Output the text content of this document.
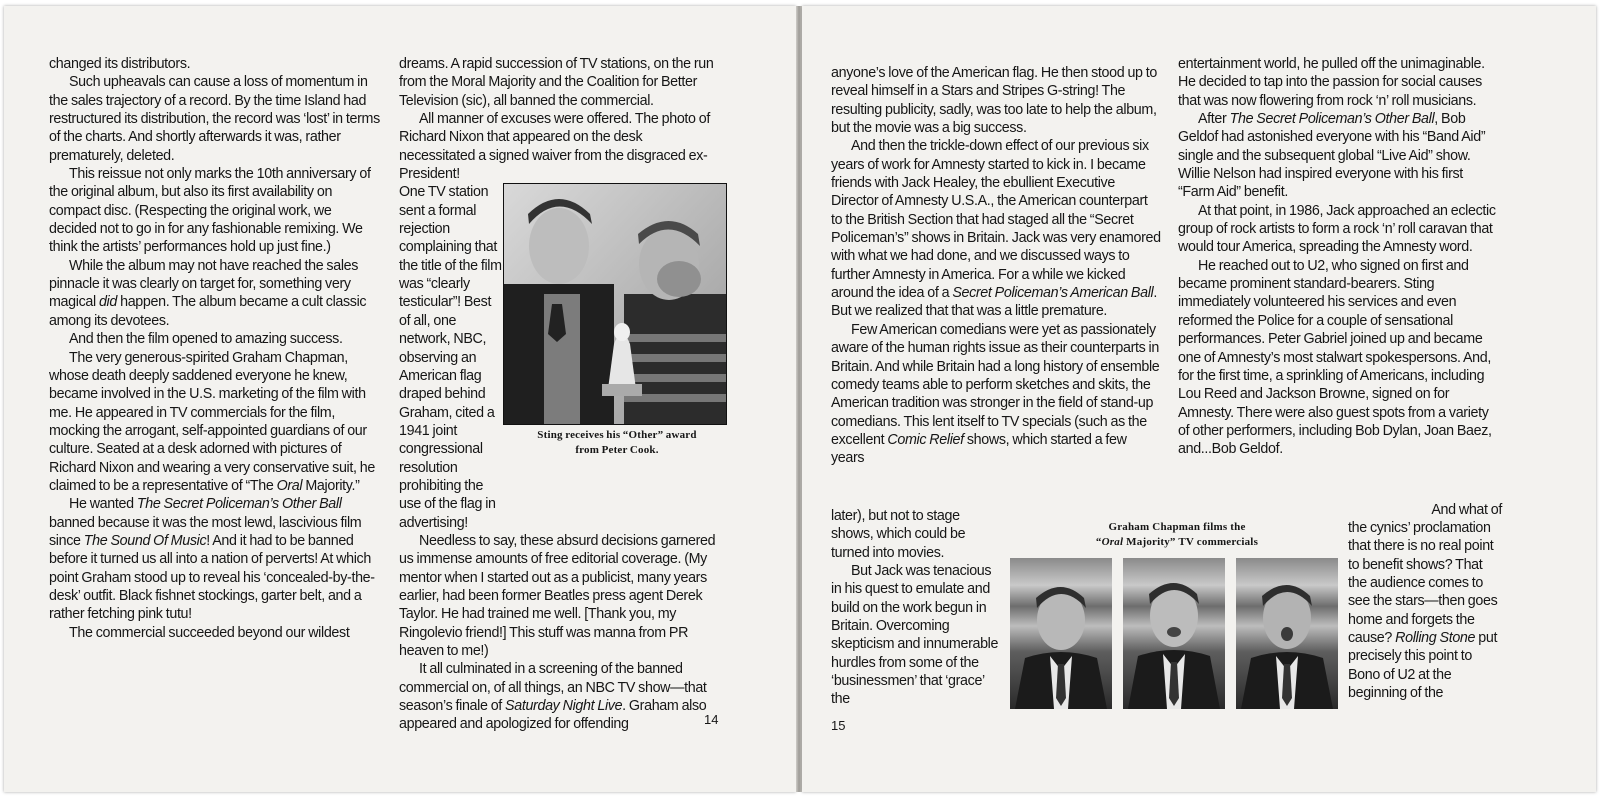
changed its distributors.

Such upheavals can cause a loss of momentum in the sales trajectory of a record. By the time Island had restructured its distribution, the record was ‘lost’ in terms of the charts. And shortly afterwards it was, rather prematurely, deleted.

This reissue not only marks the 10th anniversary of the original album, but also its first availability on compact disc. (Respecting the original work, we decided not to go in for any fashionable remixing. We think the artists’ performances hold up just fine.)

While the album may not have reached the sales pinnacle it was clearly on target for, something very magical did happen. The album became a cult classic among its devotees.

And then the film opened to amazing success.

The very generous-spirited Graham Chapman, whose death deeply saddened everyone he knew, became involved in the U.S. marketing of the film with me. He appeared in TV commercials for the film, mocking the arrogant, self-appointed guardians of our culture. Seated at a desk adorned with pictures of Richard Nixon and wearing a very conservative suit, he claimed to be a representative of “The Oral Majority.”

He wanted The Secret Policeman’s Other Ball banned because it was the most lewd, lascivious film since The Sound Of Music! And it had to be banned before it turned us all into a nation of perverts! At which point Graham stood up to reveal his ‘concealed-by-the-desk’ outfit. Black fishnet stockings, garter belt, and a rather fetching pink tutu!

The commercial succeeded beyond our wildest

dreams. A rapid succession of TV stations, on the run from the Moral Majority and the Coalition for Better Television (sic), all banned the commercial.

All manner of excuses were offered. The photo of Richard Nixon that appeared on the desk necessitated a signed waiver from the disgraced ex-President!

Sting receives his “Other” award
from Peter Cook.

One TV station sent a formal rejection complaining that the title of the film was “clearly testicular”! Best of all, one network, NBC, observing an American flag draped behind Graham, cited a 1941 joint congressional resolution prohibiting the use of the flag in advertising!

Needless to say, these absurd decisions garnered us immense amounts of free editorial coverage. (My mentor when I started out as a publicist, many years earlier, had been former Beatles press agent Derek Taylor. He had trained me well. [Thank you, my Ringolevio friend!] This stuff was manna from PR heaven to me!)

It all culminated in a screening of the banned commercial on, of all things, an NBC TV show—that season’s finale of Saturday Night Live. Graham also appeared and apologized for offending	14

anyone’s love of the American flag. He then stood up to reveal himself in a Stars and Stripes G-string! The resulting publicity, sadly, was too late to help the album, but the movie was a big success.

And then the trickle-down effect of our previous six years of work for Amnesty started to kick in. I became friends with Jack Healey, the ebullient Executive Director of Amnesty U.S.A., the American counterpart to the British Section that had staged all the “Secret Policeman’s” shows in Britain. Jack was very enamored with what we had done, and we discussed ways to further Amnesty in America. For a while we kicked around the idea of a Secret Policeman’s American Ball. But we realized that that was a little premature.

Few American comedians were yet as passionately aware of the human rights issue as their counterparts in Britain. And while Britain had a long history of ensemble comedy teams able to perform sketches and skits, the American tradition was stronger in the field of stand-up comedians. This lent itself to TV specials (such as the excellent Comic Relief shows, which started a few years

later), but not to stage shows, which could be turned into movies.

But Jack was tenacious in his quest to emulate and build on the work begun in Britain. Overcoming skepticism and innumerable hurdles from some of the ‘businessmen’ that ‘grace’ the

entertainment world, he pulled off the unimaginable. He decided to tap into the passion for social causes that was now flowering from rock ‘n’ roll musicians.

After The Secret Policeman’s Other Ball, Bob Geldof had astonished everyone with his “Band Aid” single and the subsequent global “Live Aid” show. Willie Nelson had inspired everyone with his first “Farm Aid” benefit.

At that point, in 1986, Jack approached an eclectic group of rock artists to form a rock ‘n’ roll caravan that would tour America, spreading the Amnesty word.

He reached out to U2, who signed on first and became prominent standard-bearers. Sting immediately volunteered his services and even reformed the Police for a couple of sensational performances. Peter Gabriel joined up and became one of Amnesty’s most stalwart spokespersons. And, for the first time, a sprinkling of Americans, including Lou Reed and Jackson Browne, signed on for Amnesty. There were also guest spots from a variety of other performers, including Bob Dylan, Joan Baez, and...Bob Geldof.

And what of

the cynics’ proclamation that there is no real point to benefit shows? That the audience comes to see the stars—then goes home and forgets the cause? Rolling Stone put precisely this point to Bono of U2 at the beginning of the

Graham Chapman films the
“Oral Majority” TV commercials
15
